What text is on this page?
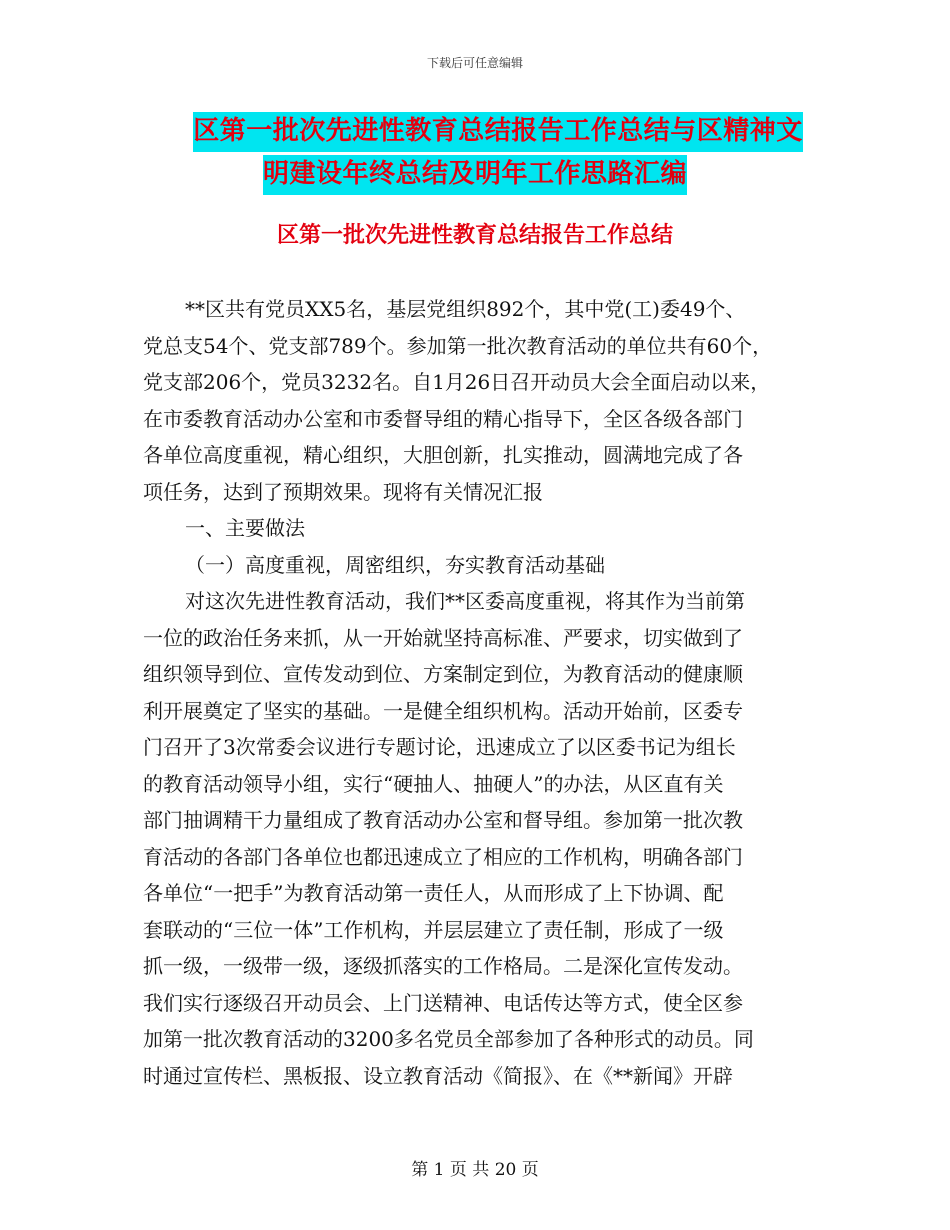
下载后可任意编辑
区第一批次先进性教育总结报告工作总结与区精神文
明建设年终总结及明年工作思路汇编
区第一批次先进性教育总结报告工作总结
**区共有党员XX5名，基层党组织892个，其中党(工)委49个、
党总支54个、党支部789个。参加第一批次教育活动的单位共有60个，
党支部206个，党员3232名。自1月26日召开动员大会全面启动以来，
在市委教育活动办公室和市委督导组的精心指导下，全区各级各部门
各单位高度重视，精心组织，大胆创新，扎实推动，圆满地完成了各
项任务，达到了预期效果。现将有关情况汇报
一、主要做法
（一）高度重视，周密组织，夯实教育活动基础
对这次先进性教育活动，我们**区委高度重视，将其作为当前第
一位的政治任务来抓，从一开始就坚持高标准、严要求，切实做到了
组织领导到位、宣传发动到位、方案制定到位，为教育活动的健康顺
利开展奠定了坚实的基础。一是健全组织机构。活动开始前，区委专
门召开了3次常委会议进行专题讨论，迅速成立了以区委书记为组长
的教育活动领导小组，实行“硬抽人、抽硬人”的办法，从区直有关
部门抽调精干力量组成了教育活动办公室和督导组。参加第一批次教
育活动的各部门各单位也都迅速成立了相应的工作机构，明确各部门
各单位“一把手”为教育活动第一责任人，从而形成了上下协调、配
套联动的“三位一体”工作机构，并层层建立了责任制，形成了一级
抓一级，一级带一级，逐级抓落实的工作格局。二是深化宣传发动。
我们实行逐级召开动员会、上门送精神、电话传达等方式，使全区参
加第一批次教育活动的3200多名党员全部参加了各种形式的动员。同
时通过宣传栏、黑板报、设立教育活动《简报》、在《**新闻》开辟
第 1 页 共 20 页
